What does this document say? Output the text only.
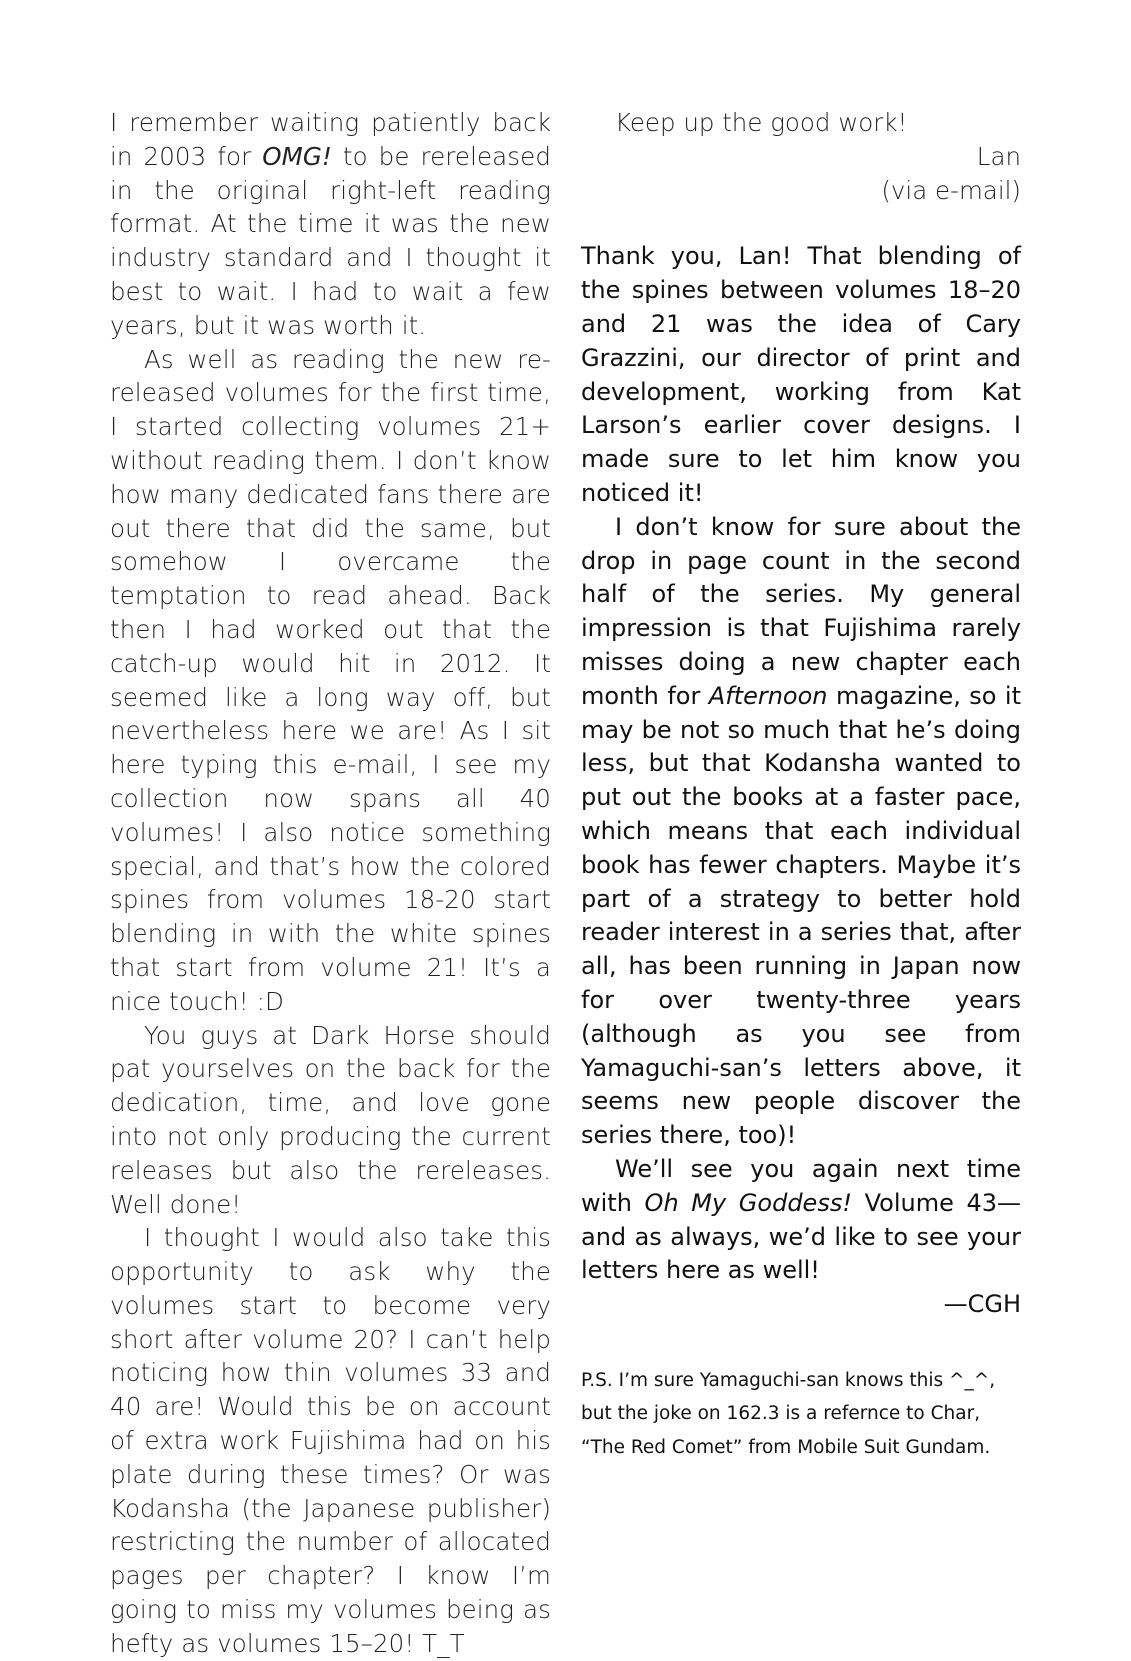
I remember waiting patiently back in 2003 for OMG! to be rereleased in the original right-left reading format. At the time it was the new industry standard and I thought it best to wait. I had to wait a few years, but it was worth it.

As well as reading the new re-released volumes for the first time, I started collecting volumes 21+ without reading them. I don’t know how many dedicated fans there are out there that did the same, but somehow I overcame the temptation to read ahead. Back then I had worked out that the catch-up would hit in 2012. It seemed like a long way off, but nevertheless here we are! As I sit here typing this e-mail, I see my collection now spans all 40 volumes! I also notice something special, and that’s how the colored spines from volumes 18-20 start blending in with the white spines that start from volume 21! It’s a nice touch! :D

You guys at Dark Horse should pat yourselves on the back for the dedication, time, and love gone into not only producing the current releases but also the rereleases. Well done!

I thought I would also take this opportunity to ask why the volumes start to become very short after volume 20? I can’t help noticing how thin volumes 33 and 40 are! Would this be on account of extra work Fujishima had on his plate during these times? Or was Kodansha (the Japanese publisher) restricting the number of allocated pages per chapter? I know I’m going to miss my volumes being as hefty as volumes 15–20! T_T

Keep up the good work!
Lan
(via e-mail)

Thank you, Lan! That blending of the spines between volumes 18–20 and 21 was the idea of Cary Grazzini, our director of print and development, working from Kat Larson’s earlier cover designs. I made sure to let him know you noticed it!

I don’t know for sure about the drop in page count in the second half of the series. My general impression is that Fujishima rarely misses doing a new chapter each month for Afternoon magazine, so it may be not so much that he’s doing less, but that Kodansha wanted to put out the books at a faster pace, which means that each individual book has fewer chapters. Maybe it’s part of a strategy to better hold reader interest in a series that, after all, has been running in Japan now for over twenty-three years (although as you see from Yamaguchi-san’s letters above, it seems new people discover the series there, too)!

We’ll see you again next time with Oh My Goddess! Volume 43—and as always, we’d like to see your letters here as well!

—CGH
P.S. I’m sure Yamaguchi-san knows this ^_^, but the joke on 162.3 is a refernce to Char, “The Red Comet” from Mobile Suit Gundam.
